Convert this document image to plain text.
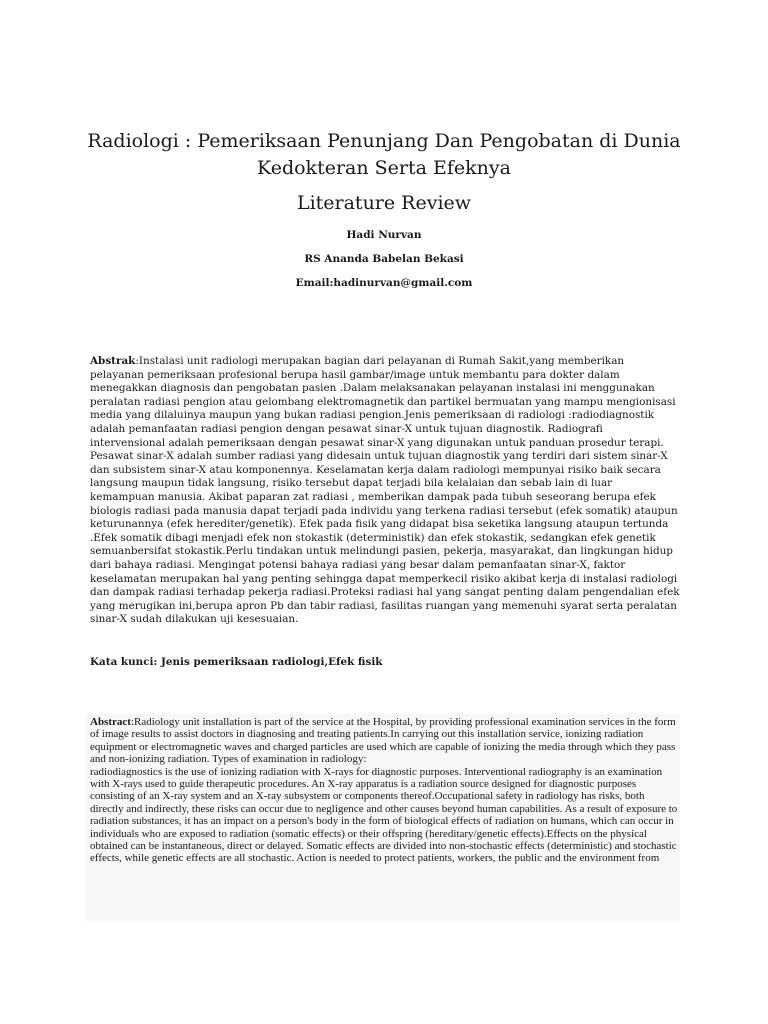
Radiologi : Pemeriksaan Penunjang Dan Pengobatan di Dunia Kedokteran Serta Efeknya
Literature Review

Hadi Nurvan

RS Ananda Babelan Bekasi

Email:hadinurvan@gmail.com

Abstrak:Instalasi unit radiologi merupakan bagian dari pelayanan di Rumah Sakit,yang memberikan pelayanan pemeriksaan profesional berupa hasil gambar/image untuk membantu para dokter dalam menegakkan diagnosis dan pengobatan pasien .Dalam melaksanakan pelayanan instalasi ini menggunakan peralatan radiasi pengion atau gelombang elektromagnetik dan partikel bermuatan yang mampu mengionisasi media yang dilaluinya maupun yang bukan radiasi pengion.Jenis pemeriksaan di radiologi :radiodiagnostik adalah pemanfaatan radiasi pengion dengan pesawat sinar-X untuk tujuan diagnostik. Radiografi intervensional adalah pemeriksaan dengan pesawat sinar-X yang digunakan untuk panduan prosedur terapi. Pesawat sinar-X adalah sumber radiasi yang didesain untuk tujuan diagnostik yang terdiri dari sistem sinar-X dan subsistem sinar-X atau komponennya. Keselamatan kerja dalam radiologi mempunyai risiko baik secara langsung maupun tidak langsung, risiko tersebut dapat terjadi bila kelalaian dan sebab lain di luar kemampuan manusia. Akibat paparan zat radiasi , memberikan dampak pada tubuh seseorang berupa efek biologis radiasi pada manusia dapat terjadi pada individu yang terkena radiasi tersebut (efek somatik) ataupun keturunannya (efek herediter/genetik). Efek pada fisik yang didapat bisa seketika langsung ataupun tertunda .Efek somatik dibagi menjadi efek non stokastik (deterministik) dan efek stokastik, sedangkan efek genetik semuanbersifat stokastik.Perlu tindakan untuk melindungi pasien, pekerja, masyarakat, dan lingkungan hidup dari bahaya radiasi. Mengingat potensi bahaya radiasi yang besar dalam pemanfaatan sinar-X, faktor keselamatan merupakan hal yang penting sehingga dapat memperkecil risiko akibat kerja di instalasi radiologi dan dampak radiasi terhadap pekerja radiasi.Proteksi radiasi hal yang sangat penting dalam pengendalian efek yang merugikan ini,berupa apron Pb dan tabir radiasi, fasilitas ruangan yang memenuhi syarat serta peralatan sinar-X sudah dilakukan uji kesesuaian.

Kata kunci: Jenis pemeriksaan radiologi,Efek fisik

Abstract:Radiology unit installation is part of the service at the Hospital, by providing professional examination services in the form of image results to assist doctors in diagnosing and treating patients.In carrying out this installation service, ionizing radiation equipment or electromagnetic waves and charged particles are used which are capable of ionizing the media through which they pass and non-ionizing radiation. Types of examination in radiology:
radiodiagnostics is the use of ionizing radiation with X-rays for diagnostic purposes. Interventional radiography is an examination with X-rays used to guide therapeutic procedures. An X-ray apparatus is a radiation source designed for diagnostic purposes consisting of an X-ray system and an X-ray subsystem or components thereof.Occupational safety in radiology has risks, both directly and indirectly, these risks can occur due to negligence and other causes beyond human capabilities. As a result of exposure to radiation substances, it has an impact on a person's body in the form of biological effects of radiation on humans, which can occur in individuals who are exposed to radiation (somatic effects) or their offspring (hereditary/genetic effects).Effects on the physical obtained can be instantaneous, direct or delayed. Somatic effects are divided into non-stochastic effects (deterministic) and stochastic effects, while genetic effects are all stochastic. Action is needed to protect patients, workers, the public and the environment from
